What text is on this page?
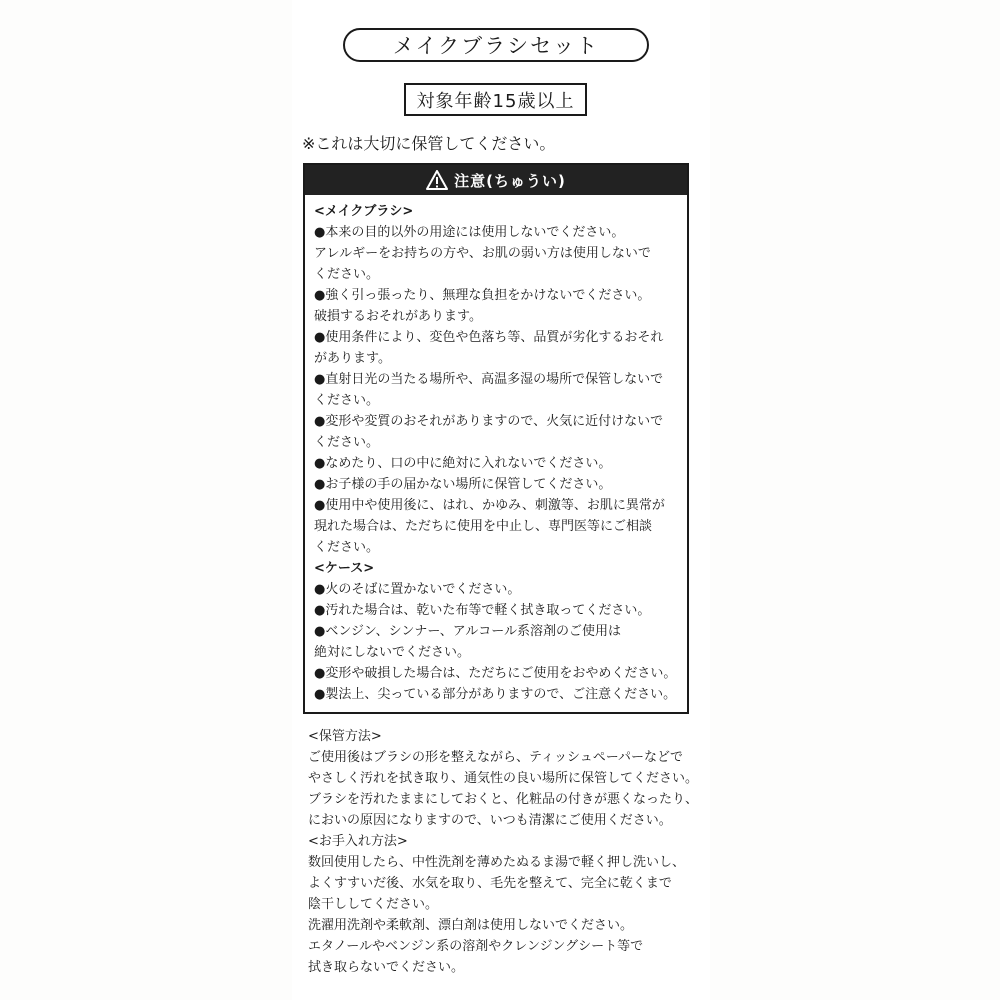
メイクブラシセット
対象年齢15歳以上
※これは大切に保管してください。
注意(ちゅうい)
<メイクブラシ>
●本来の目的以外の用途には使用しないでください。
アレルギーをお持ちの方や、お肌の弱い方は使用しないで
ください。
●強く引っ張ったり、無理な負担をかけないでください。
破損するおそれがあります。
●使用条件により、変色や色落ち等、品質が劣化するおそれ
があります。
●直射日光の当たる場所や、高温多湿の場所で保管しないで
ください。
●変形や変質のおそれがありますので、火気に近付けないで
ください。
●なめたり、口の中に絶対に入れないでください。
●お子様の手の届かない場所に保管してください。
●使用中や使用後に、はれ、かゆみ、刺激等、お肌に異常が
現れた場合は、ただちに使用を中止し、専門医等にご相談
ください。
<ケース>
●火のそばに置かないでください。
●汚れた場合は、乾いた布等で軽く拭き取ってください。
●ベンジン、シンナー、アルコール系溶剤のご使用は
絶対にしないでください。
●変形や破損した場合は、ただちにご使用をおやめください。
●製法上、尖っている部分がありますので、ご注意ください。
<保管方法>
ご使用後はブラシの形を整えながら、ティッシュペーパーなどで
やさしく汚れを拭き取り、通気性の良い場所に保管してください。
ブラシを汚れたままにしておくと、化粧品の付きが悪くなったり、
においの原因になりますので、いつも清潔にご使用ください。
<お手入れ方法>
数回使用したら、中性洗剤を薄めたぬるま湯で軽く押し洗いし、
よくすすいだ後、水気を取り、毛先を整えて、完全に乾くまで
陰干ししてください。
洗濯用洗剤や柔軟剤、漂白剤は使用しないでください。
エタノールやベンジン系の溶剤やクレンジングシート等で
拭き取らないでください。
